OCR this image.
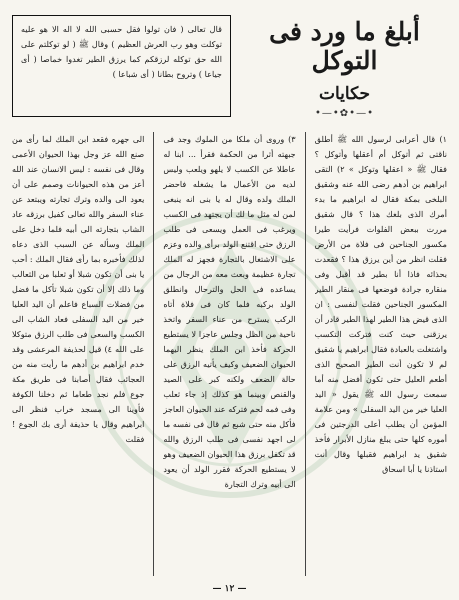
أبلغ ما ورد فى التوكل
حكايات
•—•✿•—•
قال تعالى ( فان تولوا فقل حسبى الله لا اله الا هو عليه توكلت وهو رب العرش العظيم ) وقال ﷺ ( لو توكلتم على الله حق توكله لرزقكم كما يرزق الطير تغدوا خماصا ( أى جياعا ) وتروح بطانا ( أى شباعا )

١) قال أعرابى لرسول الله ﷺ أطلق ناقتى ثم أتوكل أم أعقلها وأتوكل ؟ فقال ﷺ « اعقلها وتوكل » ٢) التقى ابراهيم بن أدهم رضى الله عنه وشقيق البلخى بمكة فقال له ابراهيم ما بدء أمرك الذى بلغك هذا ؟ قال شقيق مررت ببعض الفلوات فرأيت طيرا مكسور الجناحين فى فلاة من الأرض فقلت انظر من أين يرزق هذا ؟ فقعدت بحذائه فاذا أنا بطير قد أقبل وفى منقاره جرادة فوضعها فى منقار الطير المكسور الجناحين فقلت لنفسى : ان الذى قيض هذا الطير لهذا الطير قادر أن يرزقنى حيث كنت فتركت التكسب واشتغلت بالعبادة فقال ابراهيم يا شقيق لم لا تكون أنت الطير الصحيح الذى أطعم العليل حتى تكون أفضل منه أما سمعت رسول الله ﷺ يقول « اليد العليا خير من اليد السفلى » ومن علامة المؤمن أن يطلب أعلى الدرجتين فى أموره كلها حتى يبلغ منازل الأبرار فأخذ شقيق يد ابراهيم فقبلها وقال أنت استاذنا يا أبا اسحاق

٣) وروى أن ملكا من الملوك وجد فى جبهته أثرا من الحكمة فقرأ ... ابنا له عاطلا عن الكسب لا يلهو ويلعب وليس لديه من الأعمال ما يشغله فاحضر الملك ولده وقال له يا بنى انه ينبغى لمن له مثل ما لك أن يجتهد فى الكسب ويرغب فى العمل ويسعى فى طلب الرزق حتى اقتنع الولد برأى والده وعزم على الاشتغال بالتجارة فجهز له الملك تجارة عظيمة وبعث معه من الرجال من يساعده فى الحل والترحال وانطلق الولد بركبه فلما كان فى فلاة أتاه الركب يسترح من عناء السفر واتخذ ناحية من الظل وجلس عاجزا لا يستطيع الحركة فأخذ ابن الملك ينظر اليهما الحيوان الضعيف وكيف يأتيه الرزق على حالة الضعف ولكنه كبر على الصيد والقنص وبينما هو كذلك إذ جاء ثعلب وفى فمه لحم فتركه عند الحيوان العاجز فأكل منه حتى شبع ثم قال فى نفسه ما لى اجهد نفسى فى طلب الرزق والله قد تكفل برزق هذا الحيوان الضعيف وهو لا يستطيع الحركة فقرر الولد أن يعود الى أبيه وترك التجارة

الى جهره فقعد ابن الملك لما رأى من صنع الله عز وجل بهذا الحيوان الأعمى وقال فى نفسه : ليس الانسان عند الله أعز من هذه الحيوانات وصمم على أن يعود الى والده وترك تجارته ويبتعد عن عناء السفر والله تعالى كفيل برزقه عاد الشاب بتجارته الى أبيه فلما دخل على الملك وسأله عن السبب الذى دعاه لذلك فأخبره بما رأى فقال الملك : أحب يا بنى أن تكون شبلا أو ثعلبا من الثعالب وما ذلك إلا أن تكون شبلا تأكل ما فضل من فضلات السباع فاعلم أن اليد العليا خير من اليد السفلى فعاد الشاب الى الكسب والسعى فى طلب الرزق متوكلا على الله ٤) قيل لحذيفة المرعشى وقد خدم ابراهيم بن أدهم ما رأيت منه من العجائب فقال أصابنا فى طريق مكة جوع فلم نجد طعاما ثم دخلنا الكوفة فأوينا الى مسجد خراب فنظر الى ابراهيم وقال يا حذيفة أرى بك الجوع ! فقلت

— ١٢ —
